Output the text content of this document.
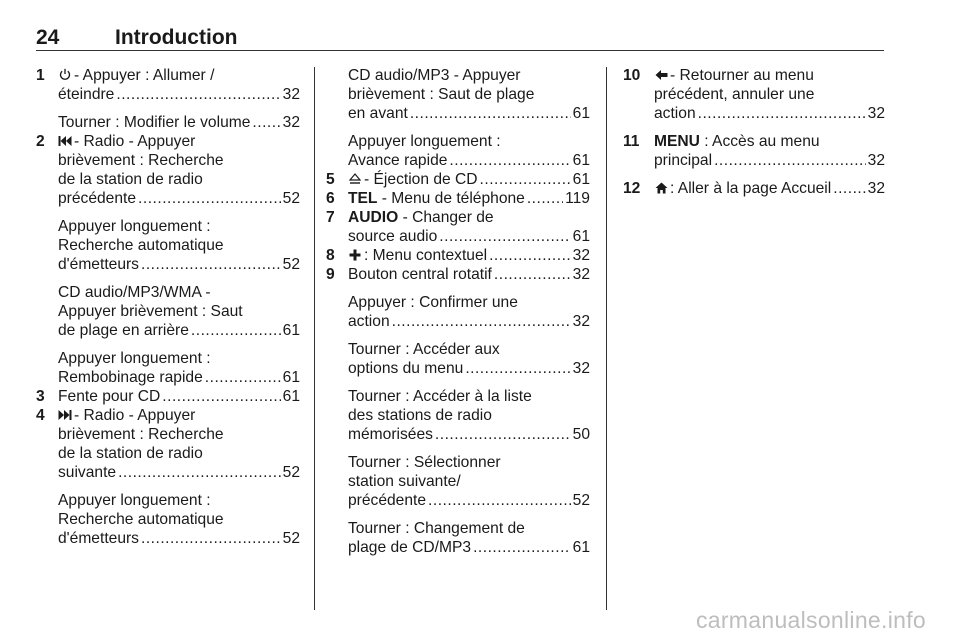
24	Introduction
1	- Appuyer : Allumer /
éteindre .....	32
Tourner : Modifier le volume ..... 32
2	- Radio - Appuyer
brièvement : Recherche
de la station de radio
précédente .....	52
Appuyer longuement :
Recherche automatique
d'émetteurs .....	52
CD audio/MP3/WMA -
Appuyer brièvement : Saut
de plage en arrière .....	61
Appuyer longuement :
Rembobinage rapide .....	61
3 Fente pour CD .....	61
4	- Radio - Appuyer
brièvement : Recherche
de la station de radio
suivante .....	52
Appuyer longuement :
Recherche automatique
d'émetteurs .....	52
CD audio/MP3 - Appuyer
brièvement : Saut de plage
en avant .....	61
Appuyer longuement :
Avance rapide .....	61
5	- Éjection de CD .....	61
6 TEL - Menu de téléphone .....	119
7 AUDIO - Changer de
source audio .....	61
8	: Menu contextuel .....	32
9 Bouton central rotatif .....	32
Appuyer : Confirmer une
action .....	32
Tourner : Accéder aux
options du menu .....	32
Tourner : Accéder à la liste
des stations de radio
mémorisées .....	50
Tourner : Sélectionner
station suivante/
précédente .....	52
Tourner : Changement de
plage de CD/MP3 .....	61
10	- Retourner au menu
précédent, annuler une
action .....	32
11 MENU : Accès au menu
principal .....	32
12	: Aller à la page Accueil ..... 32
carmanualsonline.info
